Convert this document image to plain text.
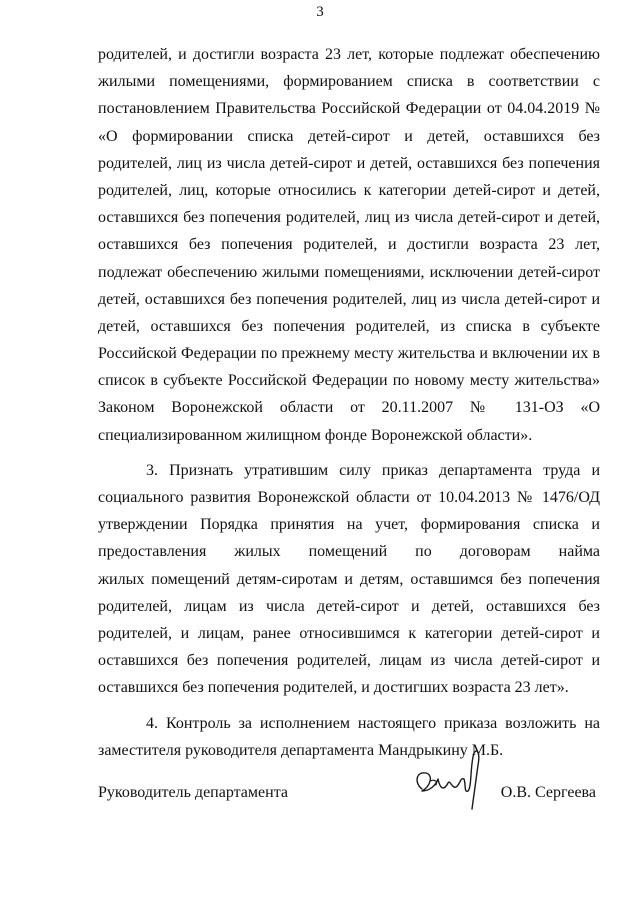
3
родителей, и достигли возраста 23 лет, которые подлежат обеспечению
жилыми помещениями, формированием списка в соответствии с
постановлением Правительства Российской Федерации от 04.04.2019 №
«О формировании списка детей-сирот и детей, оставшихся без
родителей, лиц из числа детей-сирот и детей, оставшихся без попечения
родителей, лиц, которые относились к категории детей-сирот и детей,
оставшихся без попечения родителей, лиц из числа детей-сирот и детей,
оставшихся без попечения родителей, и достигли возраста 23 лет,
подлежат обеспечению жилыми помещениями, исключении детей-сирот
детей, оставшихся без попечения родителей, лиц из числа детей-сирот и
детей, оставшихся без попечения родителей, из списка в субъекте
Российской Федерации по прежнему месту жительства и включении их в
список в субъекте Российской Федерации по новому месту жительства»
Законом Воронежской области от 20.11.2007 № 131-ОЗ «О
специализированном жилищном фонде Воронежской области».
3. Признать утратившим силу приказ департамента труда и
социального развития Воронежской области от 10.04.2013 № 1476/ОД
утверждении Порядка принятия на учет, формирования списка и
предоставления жилых помещений по договорам найма
жилых помещений детям-сиротам и детям, оставшимся без попечения
родителей, лицам из числа детей-сирот и детей, оставшихся без
родителей, и лицам, ранее относившимся к категории детей-сирот и
оставшихся без попечения родителей, лицам из числа детей-сирот и
оставшихся без попечения родителей, и достигших возраста 23 лет».
4. Контроль за исполнением настоящего приказа возложить на
заместителя руководителя департамента Мандрыкину М.Б.
Руководитель департамента	О.В. Сергеева
